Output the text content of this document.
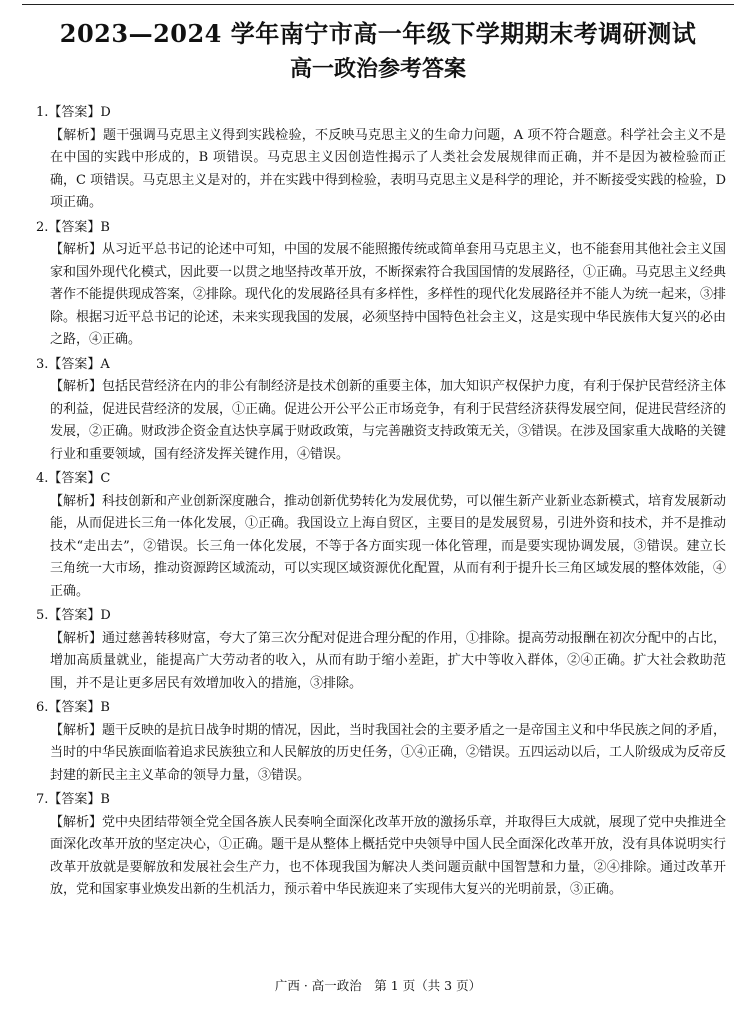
2023—2024 学年南宁市高一年级下学期期末考调研测试
高一政治参考答案
1.【答案】D

【解析】题干强调马克思主义得到实践检验，不反映马克思主义的生命力问题，A 项不符合题意。科学社会主义不是在中国的实践中形成的，B 项错误。马克思主义因创造性揭示了人类社会发展规律而正确，并不是因为被检验而正确，C 项错误。马克思主义是对的，并在实践中得到检验，表明马克思主义是科学的理论，并不断接受实践的检验，D 项正确。

2.【答案】B

【解析】从习近平总书记的论述中可知，中国的发展不能照搬传统或简单套用马克思主义，也不能套用其他社会主义国家和国外现代化模式，因此要一以贯之地坚持改革开放，不断探索符合我国国情的发展路径，①正确。马克思主义经典著作不能提供现成答案，②排除。现代化的发展路径具有多样性，多样性的现代化发展路径并不能人为统一起来，③排除。根据习近平总书记的论述，未来实现我国的发展，必须坚持中国特色社会主义，这是实现中华民族伟大复兴的必由之路，④正确。

3.【答案】A

【解析】包括民营经济在内的非公有制经济是技术创新的重要主体，加大知识产权保护力度，有利于保护民营经济主体的利益，促进民营经济的发展，①正确。促进公开公平公正市场竞争，有利于民营经济获得发展空间，促进民营经济的发展，②正确。财政涉企资金直达快享属于财政政策，与完善融资支持政策无关，③错误。在涉及国家重大战略的关键行业和重要领域，国有经济发挥关键作用，④错误。

4.【答案】C

【解析】科技创新和产业创新深度融合，推动创新优势转化为发展优势，可以催生新产业新业态新模式，培育发展新动能，从而促进长三角一体化发展，①正确。我国设立上海自贸区，主要目的是发展贸易，引进外资和技术，并不是推动技术“走出去”，②错误。长三角一体化发展，不等于各方面实现一体化管理，而是要实现协调发展，③错误。建立长三角统一大市场，推动资源跨区域流动，可以实现区域资源优化配置，从而有利于提升长三角区域发展的整体效能，④正确。

5.【答案】D

【解析】通过慈善转移财富，夸大了第三次分配对促进合理分配的作用，①排除。提高劳动报酬在初次分配中的占比，增加高质量就业，能提高广大劳动者的收入，从而有助于缩小差距，扩大中等收入群体，②④正确。扩大社会救助范围，并不是让更多居民有效增加收入的措施，③排除。

6.【答案】B

【解析】题干反映的是抗日战争时期的情况，因此，当时我国社会的主要矛盾之一是帝国主义和中华民族之间的矛盾，当时的中华民族面临着追求民族独立和人民解放的历史任务，①④正确，②错误。五四运动以后，工人阶级成为反帝反封建的新民主主义革命的领导力量，③错误。

7.【答案】B

【解析】党中央团结带领全党全国各族人民奏响全面深化改革开放的激扬乐章，并取得巨大成就，展现了党中央推进全面深化改革开放的坚定决心，①正确。题干是从整体上概括党中央领导中国人民全面深化改革开放，没有具体说明实行改革开放就是要解放和发展社会生产力，也不体现我国为解决人类问题贡献中国智慧和力量，②④排除。通过改革开放，党和国家事业焕发出新的生机活力，预示着中华民族迎来了实现伟大复兴的光明前景，③正确。

广西 · 高一政治　第 1 页（共 3 页）
